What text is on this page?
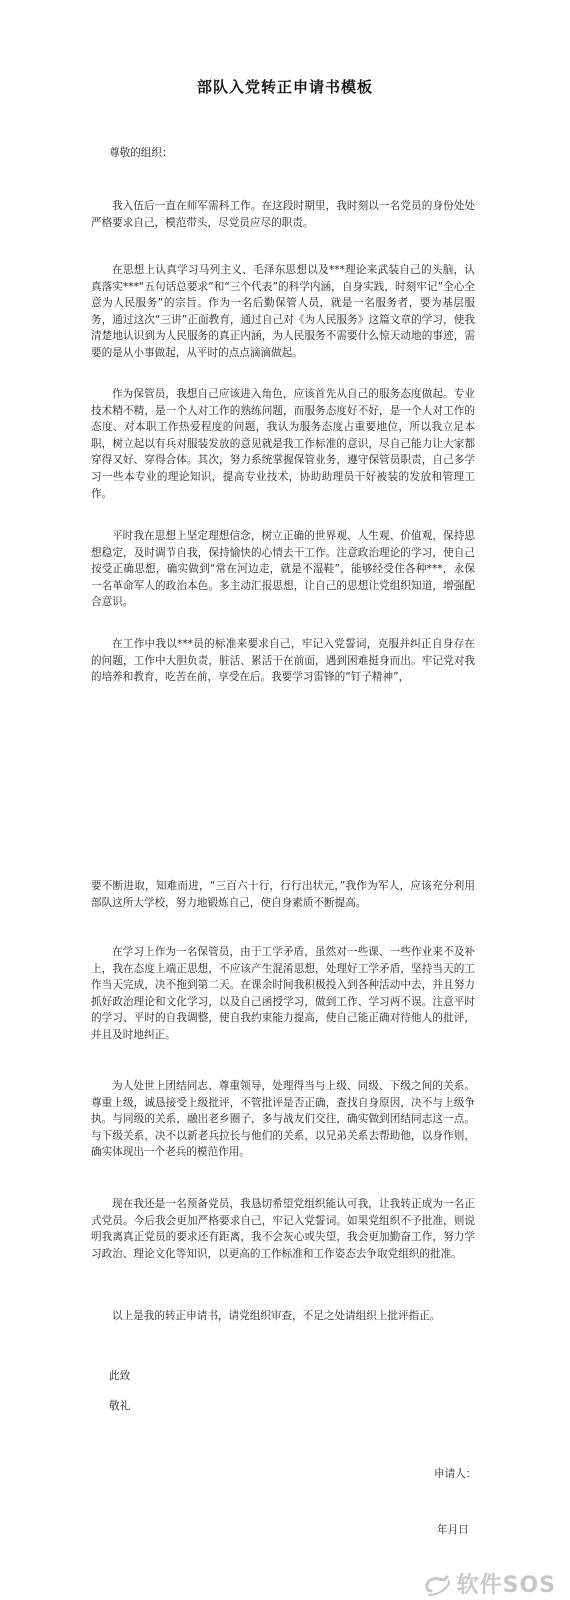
部队入党转正申请书模板
尊敬的组织：

我入伍后一直在师军需科工作。在这段时期里，我时刻以一名党员的身份处处严格要求自己，模范带头，尽党员应尽的职责。

在思想上认真学习马列主义、毛泽东思想以及***理论来武装自己的头脑，认真落实***“五句话总要求”和“三个代表”的科学内涵，自身实践，时刻牢记”全心全意为人民服务”的宗旨。作为一名后勤保管人员，就是一名服务者，要为基层服务，通过这次“三讲”正面教育，通过自己对《为人民服务》这篇文章的学习，使我清楚地认识到为人民服务的真正内涵，为人民服务不需要什么惊天动地的事迹，需要的是从小事做起，从平时的点点滴滴做起。

作为保管员，我想自己应该进入角色，应该首先从自己的服务态度做起。专业技术精不精，是一个人对工作的熟练问题，而服务态度好不好，是一个人对工作的态度、对本职工作热爱程度的问题，我认为服务态度占重要地位，所以我立足本职，树立起以有兵对服装发放的意见就是我工作标准的意识，尽自己能力让大家都穿得又好、穿得合体。其次，努力系统掌握保管业务，遵守保管员职责，自己多学习一些本专业的理论知识，提高专业技术，协助助理员干好被装的发放和管理工作。

平时我在思想上坚定理想信念，树立正确的世界观、人生观、价值观，保持思想稳定，及时调节自我，保持愉快的心情去干工作。注意政治理论的学习，使自己按受正确思想，确实做到“常在河边走，就是不湿鞋”，能够经受住各种***，永保一名革命军人的政治本色。多主动汇报思想，让自己的思想让党组织知道，增强配合意识。

在工作中我以***员的标准来要求自己，牢记入党誓词，克服并纠正自身存在的问题，工作中大胆负责，脏活、累活干在前面，遇到困难挺身而出。牢记党对我的培养和教育，吃苦在前，享受在后。我要学习雷锋的“钉子精神”，

要不断进取，知难而进，“三百六十行，行行出状元，”我作为军人，应该充分利用部队这所大学校，努力地锻炼自己，使自身素质不断提高。

在学习上作为一名保管员，由于工学矛盾，虽然对一些课、一些作业来不及补上，我在态度上端正思想，不应该产生混淆思想，处理好工学矛盾，坚持当天的工作当天完成，决不拖到第二天。在课余时间我积极投入到各种活动中去，并且努力抓好政治理论和文化学习，以及自己函授学习，做到工作、学习两不误。注意平时的学习、平时的自我调整，使自我约束能力提高，使自己能正确对待他人的批评，并且及时地纠正。

为人处世上团结同志、尊重领导，处理得当与上级、同级、下级之间的关系。尊重上级，诚恳接受上级批评，不管批评是否正确，查找自身原因，决不与上级争执。与同级的关系，融出老乡圈子，多与战友们交往，确实做到团结同志这一点。与下级关系，决不以新老兵拉长与他们的关系，以兄弟关系去帮助他，以身作则，确实体现出一个老兵的模范作用。

现在我还是一名预备党员，我恳切希望党组织能认可我，让我转正成为一名正式党员。今后我会更加严格要求自己，牢记入党誓词。如果党组织不予批准，则说明我离真正党员的要求还有距离，我不会灰心或失望，我会更加勤奋工作，努力学习政治、理论文化等知识，以更高的工作标准和工作姿态去争取党组织的批准。

以上是我的转正申请书，请党组织审查，不足之处请组织上批评指正。

此致
敬礼
申请人：
年月日
软件SOS
